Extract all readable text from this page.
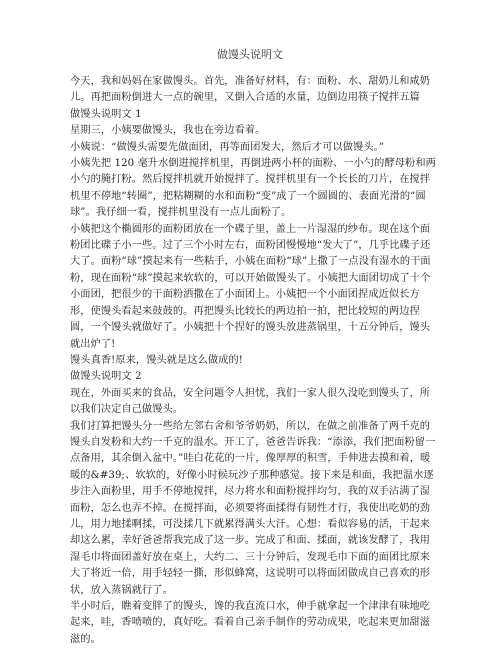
做馒头说明文

今天，我和妈妈在家做馒头。首先，准备好材料，有：面粉、水、甜奶儿和咸奶儿。再把面粉倒进大一点的碗里，又倒入合适的水量，边倒边用筷子搅拌五篇

做馒头说明文 1

星期三，小姨要做馒头，我也在旁边看着。

小姨说：“做馒头需要先做面团，再等面团发大，然后才可以做馒头。”

小姨先把 120 毫升水倒进搅拌机里，再倒进两小杯的面粉、一小勺的酵母粉和两小勺的腌打粉。然后搅拌机就开始搅拌了。搅拌机里有一个长长的刀片，在搅拌机里不停地“转圈”，把粘糊糊的水和面粉“变”成了一个圆圆的、表面光滑的“圆球”。我仔细一看，搅拌机里没有一点儿面粉了。

小姨把这个椭圆形的面粉团放在一个碟子里，盖上一片湿湿的纱布。现在这个面粉团比碟子小一些。过了三个小时左右，面粉团慢慢地“发大了”，几乎比碟子还大了。面粉“球”摸起来有一些粘手，小姨在面粉“球”上撒了一点没有湿水的干面粉，现在面粉“球”摸起来软软的，可以开始做馒头了。小姨把大面团切成了十个小面团，把很少的干面粉洒撒在了小面团上。小姨把一个小面团捏成近似长方形，使馒头看起来鼓鼓的。再把馒头比较长的两边拍一拍，把比较短的两边捏圆，一个馒头就做好了。小姨把十个捏好的馒头放进蒸锅里，十五分钟后，馒头就出炉了!

馒头真香!原来，馒头就是这么做成的!

做馒头说明文 2

现在，外面买来的食品，安全问题令人担忧，我们一家人很久没吃到馒头了，所以我们决定自己做馒头。

我们打算把馒头分一些给左邻右舍和爷爷奶奶，所以，在做之前准备了两千克的馒头自发粉和大约一千克的温水。开工了，爸爸告诉我：“添添，我们把面粉留一点备用，其余倒入盆中。”哇白花花的一片，像厚厚的积雪，手伸进去摸和着，暖暖的&#39;、软软的，好像小时候玩沙子那种感觉。接下来是和面，我把温水逐步注入面粉里，用手不停地搅拌，尽力将水和面粉搅拌均匀，我的双手沾满了湿面粉，怎么也弄不掉。在搅拌面，必须要将面揉得有韧性才行，我使出吃奶的劲儿，用力地揉啊揉，可没揉几下就累得满头大汗。心想：看似容易的活，干起来却这么累，幸好爸爸帮我完成了这一步。完成了和面、揉面，就该发酵了，我用湿毛巾将面团盖好放在桌上，大约二、三十分钟后，发现毛巾下面的面团比原来大了将近一倍，用手轻轻一撕，形似蜂窝，这说明可以将面团做成自己喜欢的形状，放入蒸锅就行了。

半小时后，瞧着变胖了的馒头，馋的我直流口水，伸手就拿起一个津津有味地吃起来，哇，香喷喷的，真好吃。看着自己亲手制作的劳动成果，吃起来更加甜滋滋的。
